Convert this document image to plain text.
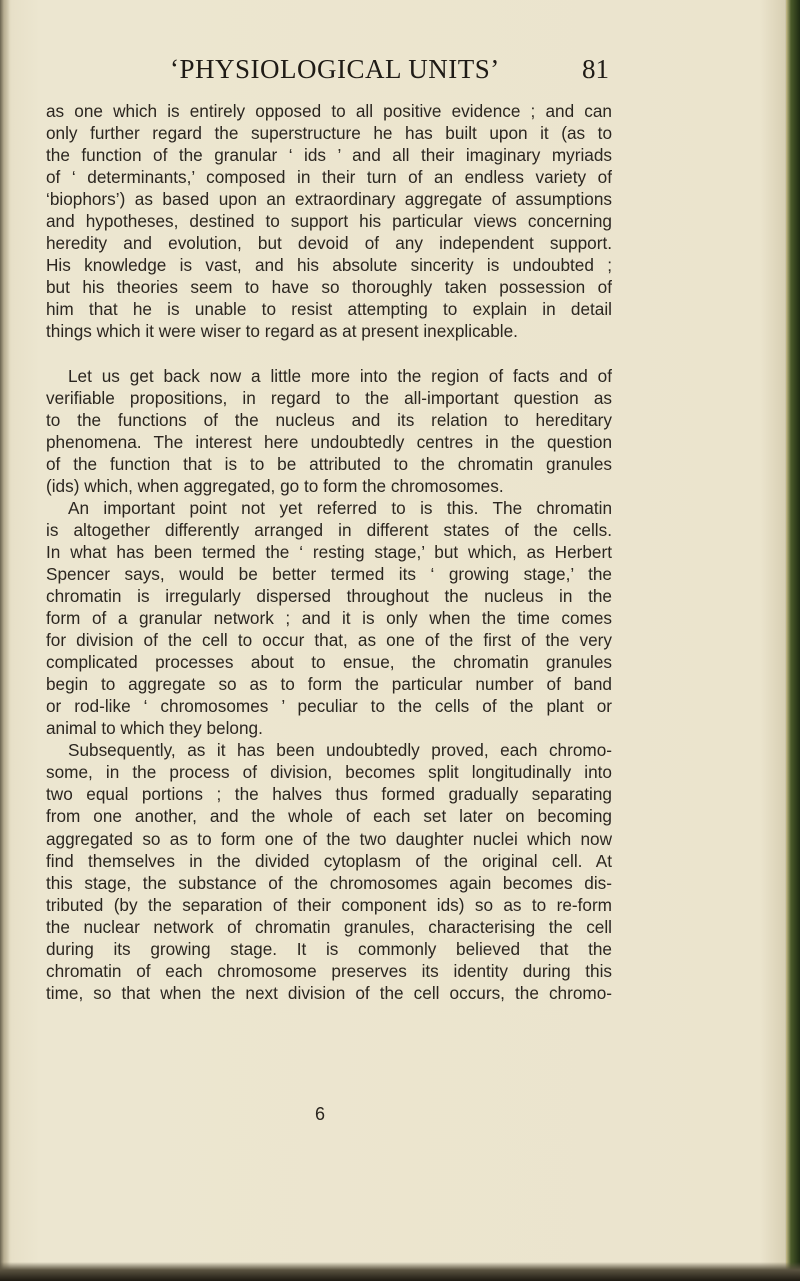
‘PHYSIOLOGICAL UNITS’	81
as one which is entirely opposed to all positive evidence ; and can
only further regard the superstructure he has built upon it (as to
the function of the granular ‘ ids ’ and all their imaginary myriads
of ‘ determinants,’ composed in their turn of an endless variety of
‘biophors’) as based upon an extraordinary aggregate of assumptions
and hypotheses, destined to support his particular views concerning
heredity and evolution, but devoid of any independent support.
His knowledge is vast, and his absolute sincerity is undoubted ;
but his theories seem to have so thoroughly taken possession of
him that he is unable to resist attempting to explain in detail
things which it were wiser to regard as at present inexplicable.
Let us get back now a little more into the region of facts and of
verifiable propositions, in regard to the all-important question as
to the functions of the nucleus and its relation to hereditary
phenomena. The interest here undoubtedly centres in the question
of the function that is to be attributed to the chromatin granules
(ids) which, when aggregated, go to form the chromosomes.
An important point not yet referred to is this. The chromatin
is altogether differently arranged in different states of the cells.
In what has been termed the ‘ resting stage,’ but which, as Herbert
Spencer says, would be better termed its ‘ growing stage,’ the
chromatin is irregularly dispersed throughout the nucleus in the
form of a granular network ; and it is only when the time comes
for division of the cell to occur that, as one of the first of the very
complicated processes about to ensue, the chromatin granules
begin to aggregate so as to form the particular number of band
or rod-like ‘ chromosomes ’ peculiar to the cells of the plant or
animal to which they belong.
Subsequently, as it has been undoubtedly proved, each chromo-
some, in the process of division, becomes split longitudinally into
two equal portions ; the halves thus formed gradually separating
from one another, and the whole of each set later on becoming
aggregated so as to form one of the two daughter nuclei which now
find themselves in the divided cytoplasm of the original cell. At
this stage, the substance of the chromosomes again becomes dis-
tributed (by the separation of their component ids) so as to re-form
the nuclear network of chromatin granules, characterising the cell
during its growing stage. It is commonly believed that the
chromatin of each chromosome preserves its identity during this
time, so that when the next division of the cell occurs, the chromo-
6
